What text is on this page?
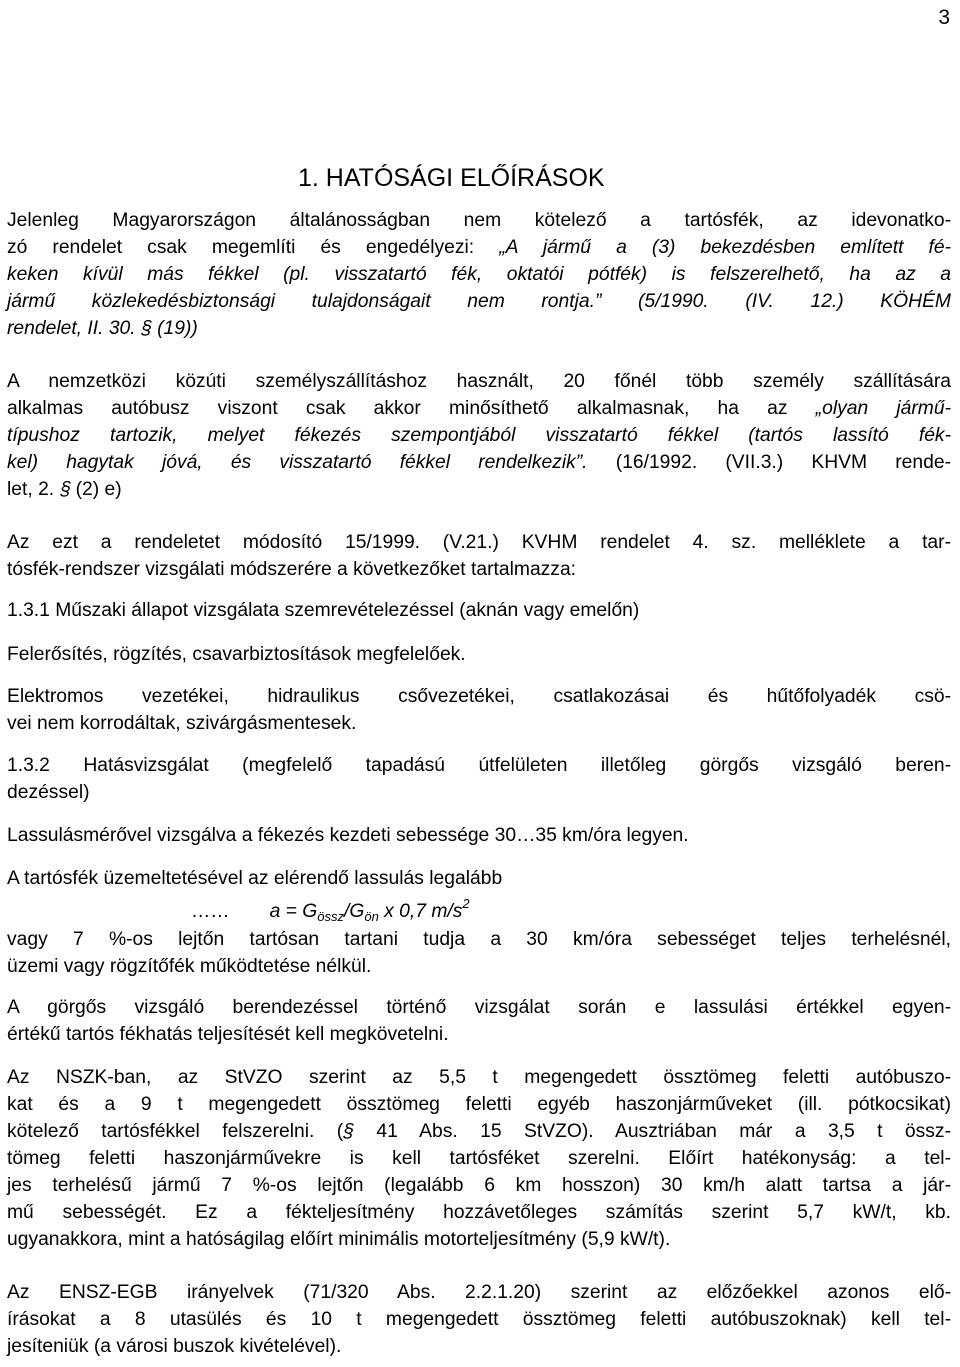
3
1. HATÓSÁGI ELŐÍRÁSOK
Jelenleg Magyarországon általánosságban nem kötelező a tartósfék, az idevonatko-
zó rendelet csak megemlíti és engedélyezi: „A jármű a (3) bekezdésben említett fé-
keken kívül más fékkel (pl. visszatartó fék, oktatói pótfék) is felszerelhető, ha az a
jármű közlekedésbiztonsági tulajdonságait nem rontja.” (5/1990. (IV. 12.) KÖHÉM
rendelet, II. 30. § (19))
A nemzetközi közúti személyszállításhoz használt, 20 főnél több személy szállítására
alkalmas autóbusz viszont csak akkor minősíthető alkalmasnak, ha az „olyan jármű-
típushoz tartozik, melyet fékezés szempontjából visszatartó fékkel (tartós lassító fék-
kel) hagytak jóvá, és visszatartó fékkel rendelkezik”. (16/1992. (VII.3.) KHVM rende-
let, 2. § (2) e)
Az ezt a rendeletet módosító 15/1999. (V.21.) KVHM rendelet 4. sz. melléklete a tar-
tósfék-rendszer vizsgálati módszerére a következőket tartalmazza:
1.3.1 Műszaki állapot vizsgálata szemrevételezéssel (aknán vagy emelőn)
Felerősítés, rögzítés, csavarbiztosítások megfelelőek.
Elektromos vezetékei, hidraulikus csővezetékei, csatlakozásai és hűtőfolyadék csö-
vei nem korrodáltak, szivárgásmentesek.
1.3.2 Hatásvizsgálat (megfelelő tapadású útfelületen illetőleg görgős vizsgáló beren-
dezéssel)
Lassulásmérővel vizsgálva a fékezés kezdeti sebessége 30…35 km/óra legyen.
A tartósfék üzemeltetésével az elérendő lassulás legalább
…… $a = G_{össz}/G_{ön}$ x 0,7 $m/s^2$
vagy 7 %-os lejtőn tartósan tartani tudja a 30 km/óra sebességet teljes terhelésnél,
üzemi vagy rögzítőfék működtetése nélkül.
A görgős vizsgáló berendezéssel történő vizsgálat során e lassulási értékkel egyen-
értékű tartós fékhatás teljesítését kell megkövetelni.
Az NSZK-ban, az StVZO szerint az 5,5 t megengedett össztömeg feletti autóbuszo-
kat és a 9 t megengedett össztömeg feletti egyéb haszonjárműveket (ill. pótkocsikat)
kötelező tartósfékkel felszerelni. (§ 41 Abs. 15 StVZO). Ausztriában már a 3,5 t össz-
tömeg feletti haszonjárművekre is kell tartósféket szerelni. Előírt hatékonyság: a tel-
jes terhelésű jármű 7 %-os lejtőn (legalább 6 km hosszon) 30 km/h alatt tartsa a jár-
mű sebességét. Ez a fékteljesítmény hozzávetőleges számítás szerint 5,7 kW/t, kb.
ugyanakkora, mint a hatóságilag előírt minimális motorteljesítmény (5,9 kW/t).
Az ENSZ-EGB irányelvek (71/320 Abs. 2.2.1.20) szerint az előzőekkel azonos elő-
írásokat a 8 utasülés és 10 t megengedett össztömeg feletti autóbuszoknak) kell tel-
jesíteniük (a városi buszok kivételével).
